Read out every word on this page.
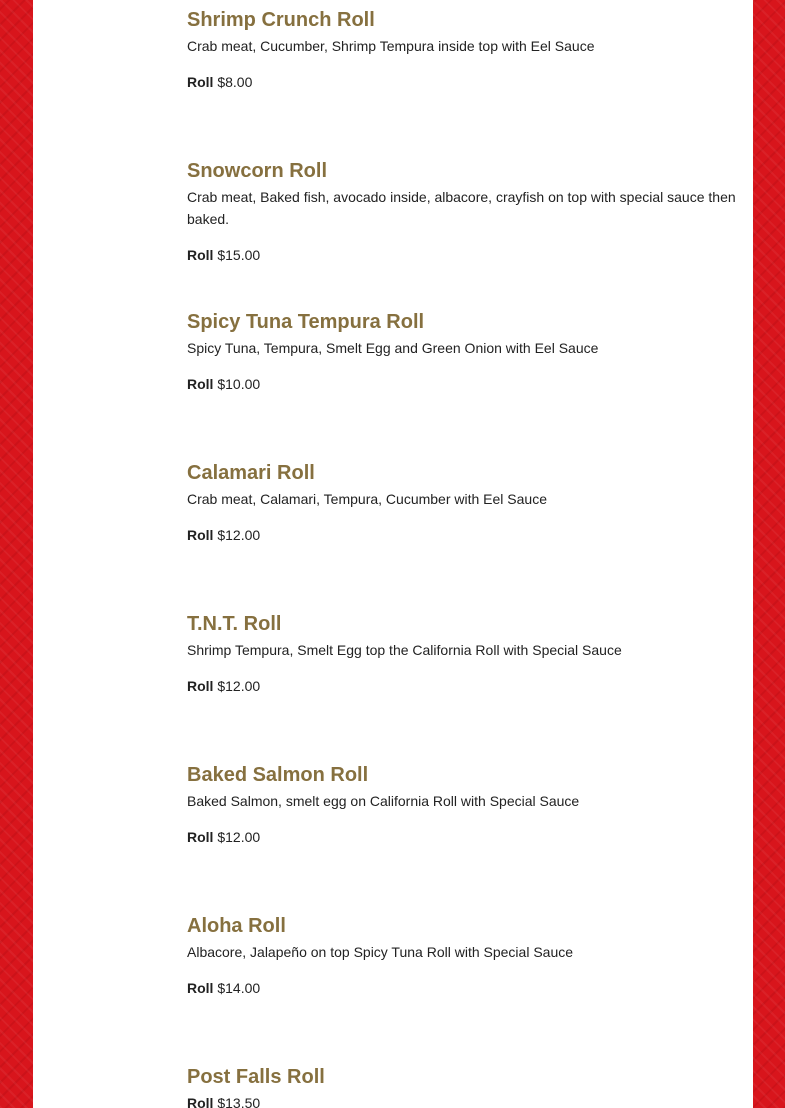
Shrimp Crunch Roll

Crab meat, Cucumber, Shrimp Tempura inside top with Eel Sauce

Roll $8.00

Snowcorn Roll

Crab meat, Baked fish, avocado inside, albacore, crayfish on top with special sauce then baked.

Roll $15.00

Spicy Tuna Tempura Roll

Spicy Tuna, Tempura, Smelt Egg and Green Onion with Eel Sauce

Roll $10.00

Calamari Roll

Crab meat, Calamari, Tempura, Cucumber with Eel Sauce

Roll $12.00

T.N.T. Roll

Shrimp Tempura, Smelt Egg top the California Roll with Special Sauce

Roll $12.00

Baked Salmon Roll

Baked Salmon, smelt egg on California Roll with Special Sauce

Roll $12.00

Aloha Roll

Albacore, Jalapeño on top Spicy Tuna Roll with Special Sauce

Roll $14.00

Post Falls Roll

Roll $13.50
